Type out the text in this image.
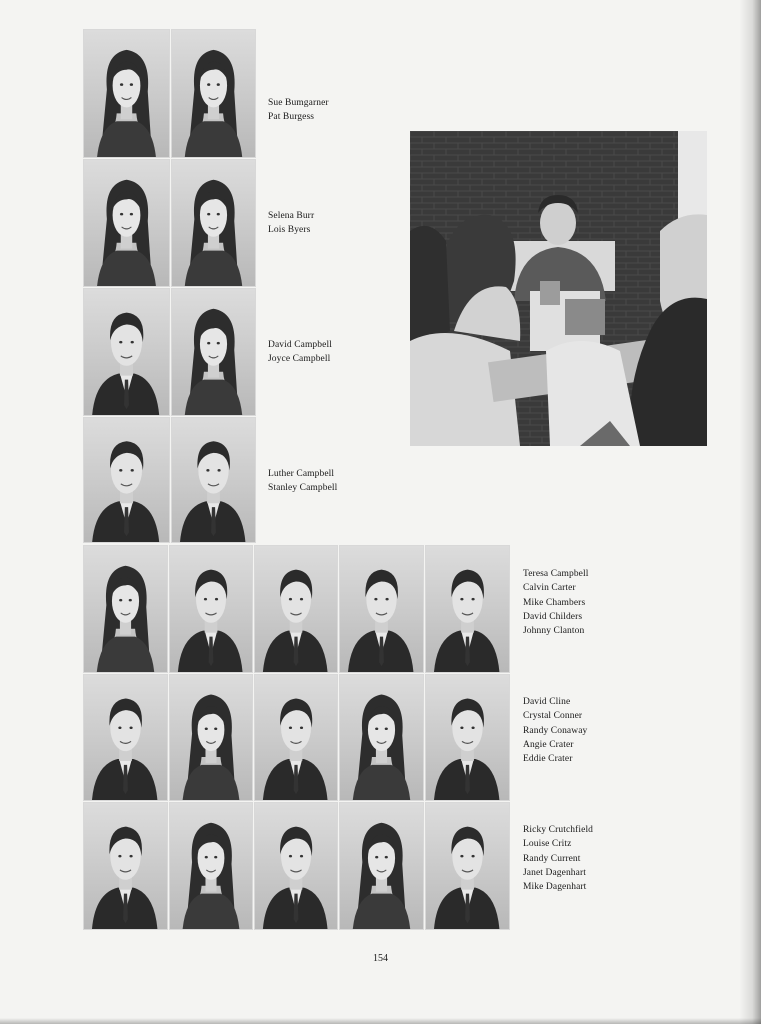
Sue Bumgarner
Pat Burgess
Selena Burr
Lois Byers
David Campbell
Joyce Campbell
Luther Campbell
Stanley Campbell
Teresa Campbell
Calvin Carter
Mike Chambers
David Childers
Johnny Clanton
David Cline
Crystal Conner
Randy Conaway
Angie Crater
Eddie Crater
Ricky Crutchfield
Louise Critz
Randy Current
Janet Dagenhart
Mike Dagenhart
154
